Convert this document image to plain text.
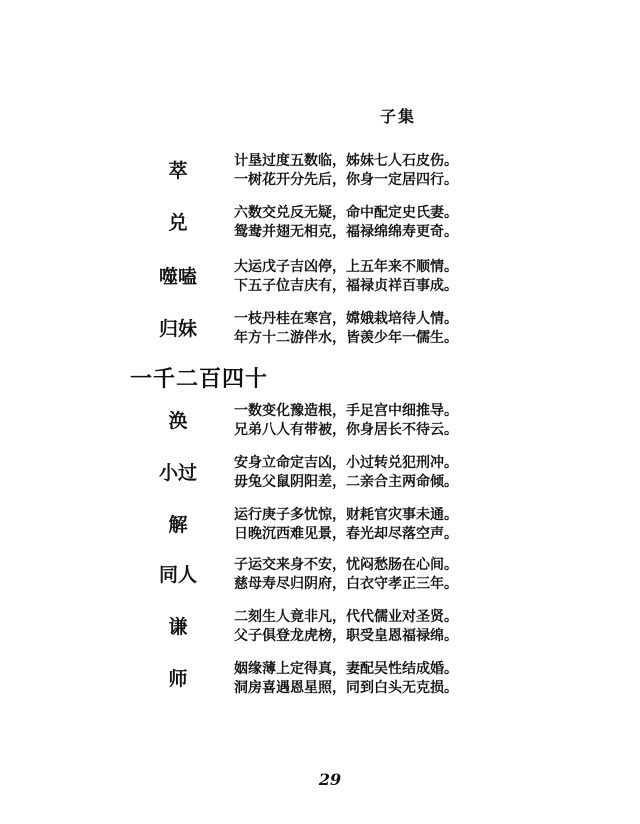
子集
萃	计垦过度五数临，姊妹七人石皮伤。
一树花开分先后，你身一定居四行。
兑	六数交兑反无疑，命中配定史氏妻。
鸳鸯并翅无相克，福禄绵绵寿更奇。
噬嗑	大运戊子吉凶停，上五年来不顺情。
下五子位吉庆有，福禄贞祥百事成。
归妹	一枝丹桂在寒宫，嫦娥栽培待人情。
年方十二游伴水，皆羡少年一儒生。
一千二百四十
涣	一数变化豫造根，手足宫中细推导。
兄弟八人有带被，你身居长不待云。
小过	安身立命定吉凶，小过转兑犯刑冲。
毋兔父鼠阴阳差，二亲合主两命倾。
解	运行庚子多忧惊，财耗官灾事未通。
日晚沉西难见景，春光却尽落空声。
同人	子运交来身不安，忧闷愁肠在心间。
慈母寿尽归阴府，白衣守孝正三年。
谦	二刻生人竟非凡，代代儒业对圣贤。
父子俱登龙虎榜，职受皇恩福禄绵。
师	姻缘薄上定得真，妻配吴性结成婚。
洞房喜遇恩星照，同到白头无克损。
29
